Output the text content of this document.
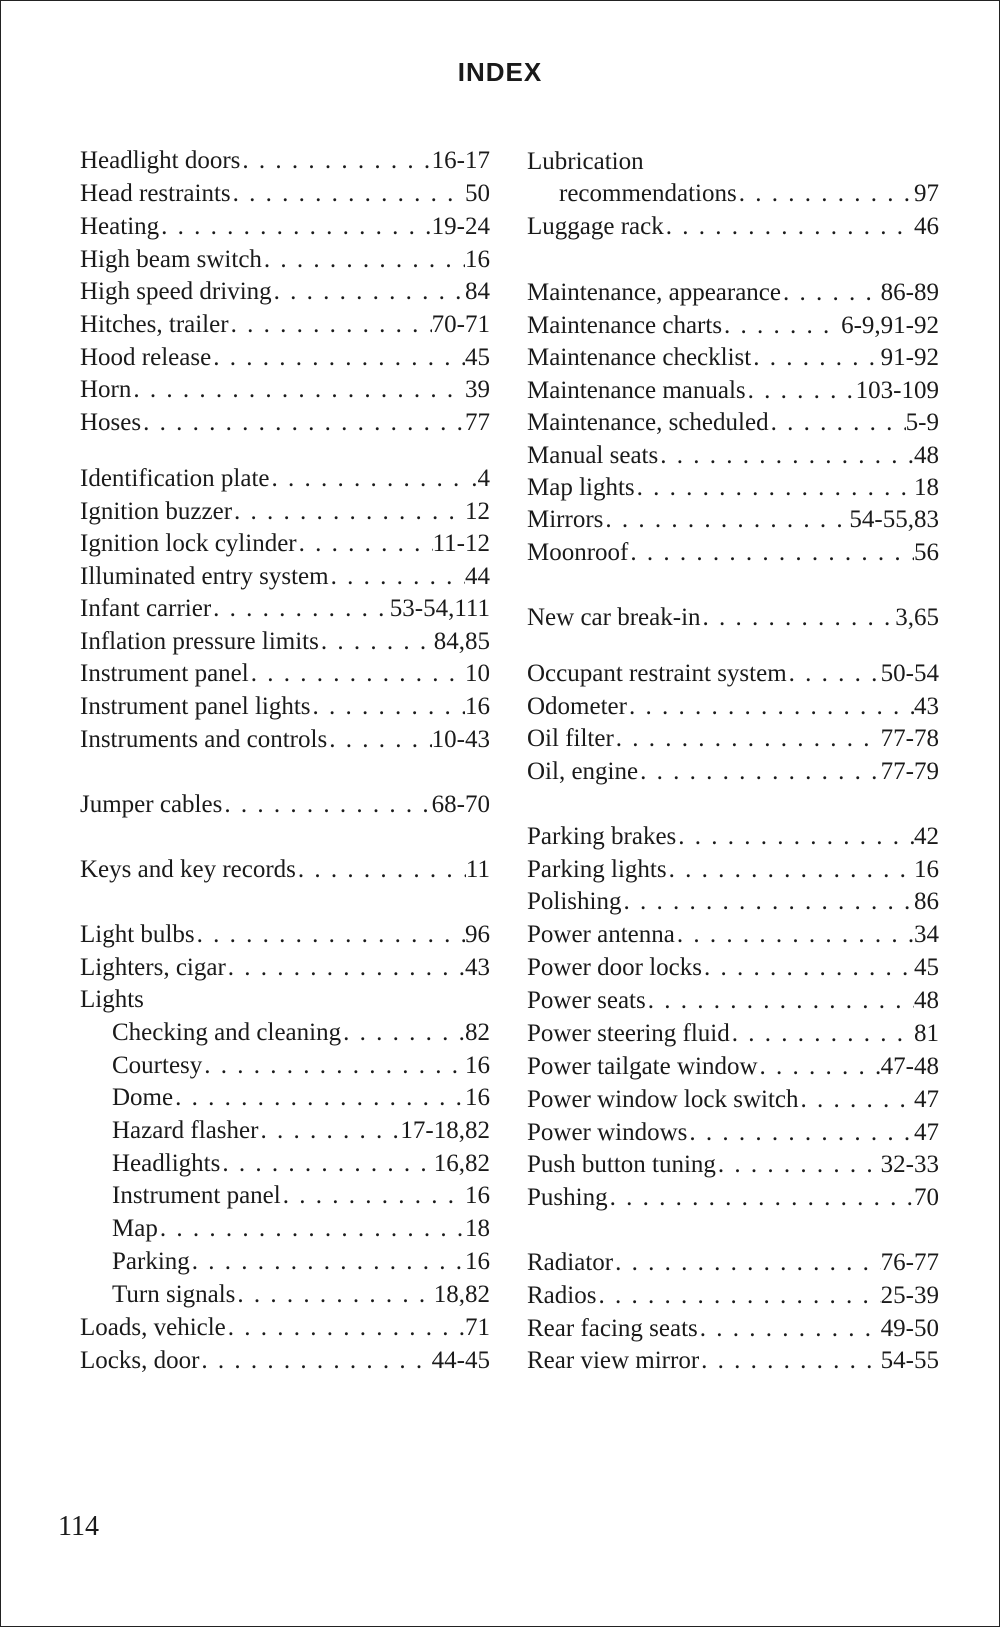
INDEX
Headlight doors . . .	16-17
Head restraints . . .	50
Heating . . .	19-24
High beam switch . . .	16
High speed driving . . .	84
Hitches, trailer . . .	70-71
Hood release . . .	45
Horn . . .	39
Hoses . . .	77
Identification plate . . .	.4
Ignition buzzer . . .	12
Ignition lock cylinder . . .	11-12
Illuminated entry system . . .	44
Infant carrier . . .	53-54,111
Inflation pressure limits . . .	84,85
Instrument panel . . .	10
Instrument panel lights . . .	16
Instruments and controls . . .	10-43
Jumper cables . . .	68-70
Keys and key records . . .	11
Light bulbs . . .	96
Lighters, cigar . . .	43
Lights
Checking and cleaning . . .	82
Courtesy . . .	16
Dome . . .	16
Hazard flasher . . .	17-18,82
Headlights . . .	16,82
Instrument panel . . .	16
Map . . .	18
Parking . . .	16
Turn signals . . .	18,82
Loads, vehicle . . .	71
Locks, door . . .	44-45
Lubrication
recommendations . . .	97
Luggage rack . . .	46
Maintenance, appearance . . .	86-89
Maintenance charts . . .	6-9,91-92
Maintenance checklist . . .	91-92
Maintenance manuals . . .	103-109
Maintenance, scheduled . . .	5-9
Manual seats . . .	48
Map lights . . .	18
Mirrors . . .	54-55,83
Moonroof . . .	56
New car break-in . . .	3,65
Occupant restraint system . . .	50-54
Odometer . . .	43
Oil filter . . .	77-78
Oil, engine . . .	77-79
Parking brakes . . .	42
Parking lights . . .	16
Polishing . . .	86
Power antenna . . .	34
Power door locks . . .	45
Power seats . . .	48
Power steering fluid . . .	81
Power tailgate window . . .	47-48
Power window lock switch . . .	47
Power windows . . .	47
Push button tuning . . .	32-33
Pushing . . .	70
Radiator . . .	76-77
Radios . . .	25-39
Rear facing seats . . .	49-50
Rear view mirror . . .	54-55
114
